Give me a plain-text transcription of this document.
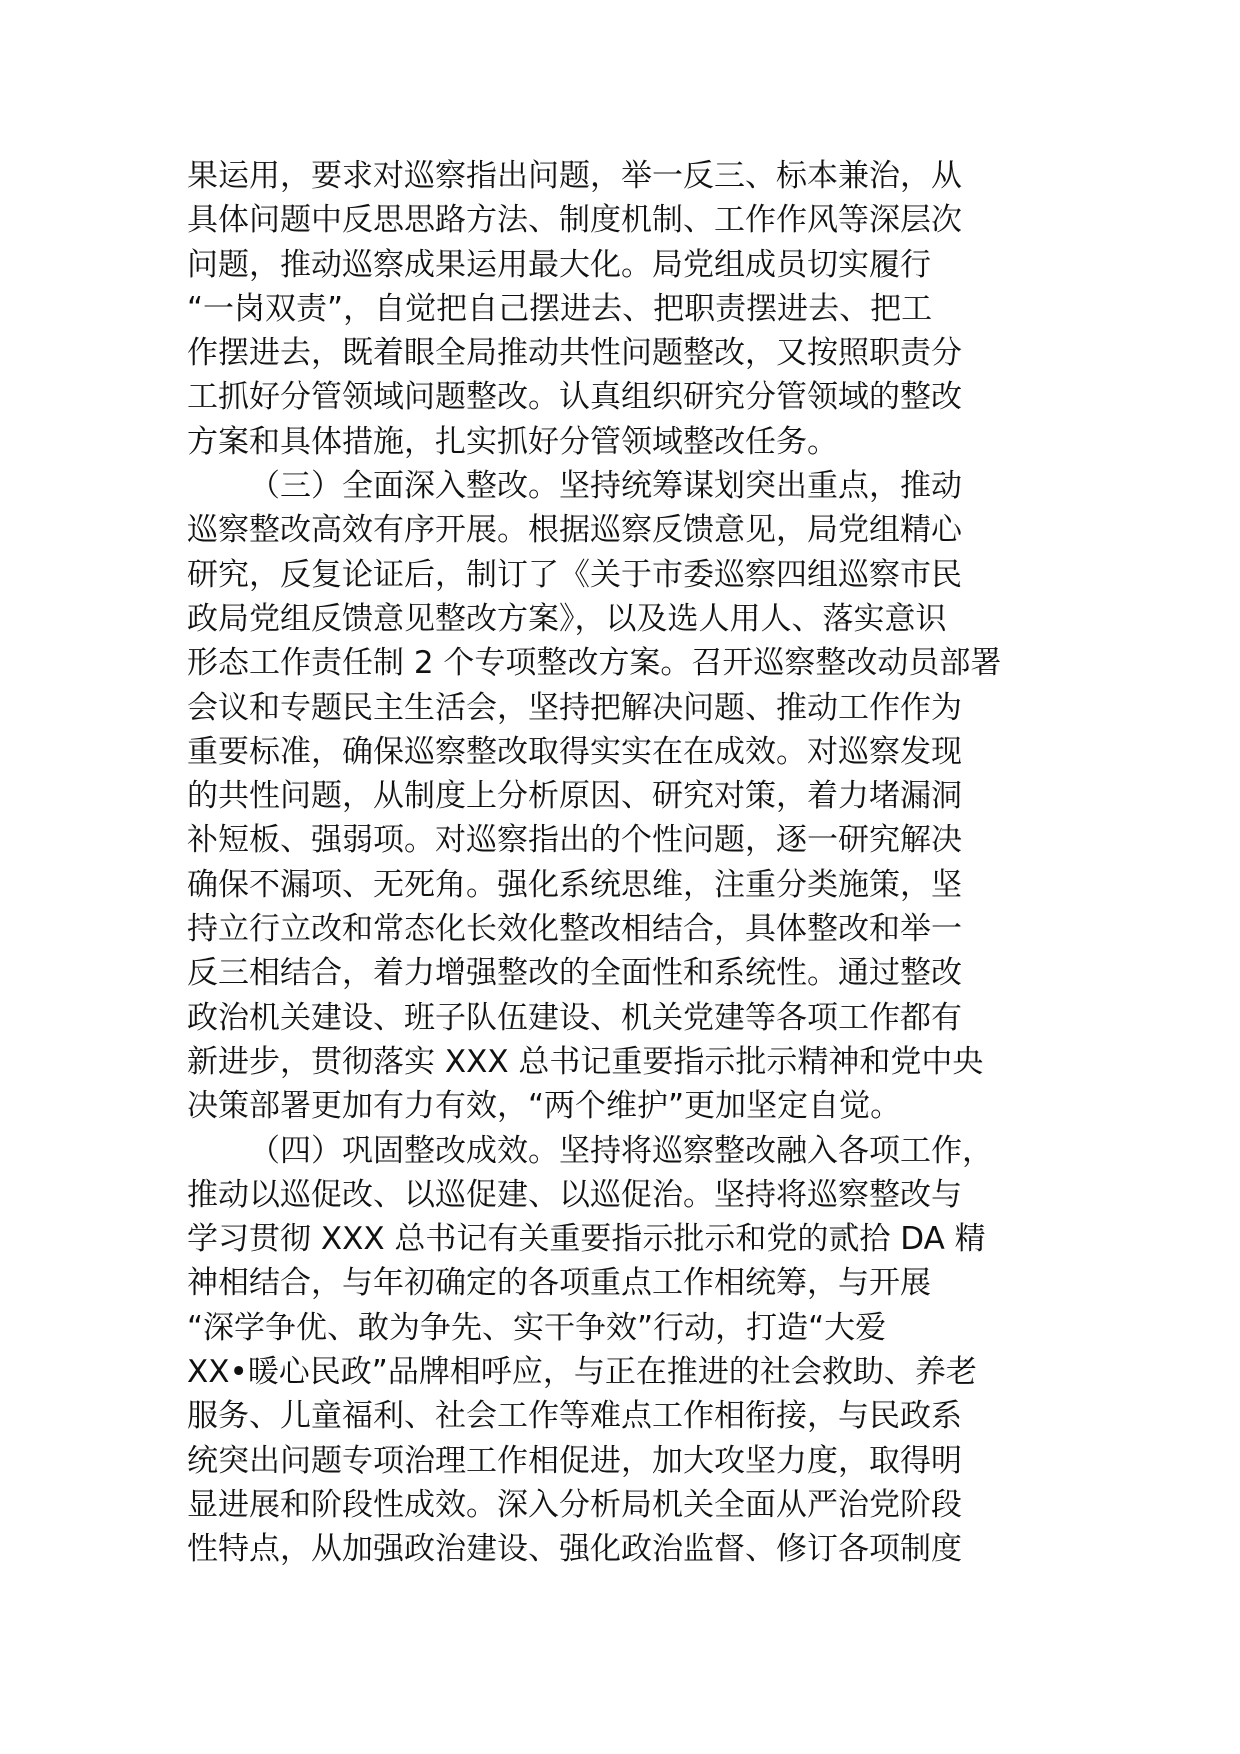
果运用，要求对巡察指出问题，举一反三、标本兼治，从
具体问题中反思思路方法、制度机制、工作作风等深层次
问题，推动巡察成果运用最大化。局党组成员切实履行
“一岗双责”，自觉把自己摆进去、把职责摆进去、把工
作摆进去，既着眼全局推动共性问题整改，又按照职责分
工抓好分管领域问题整改。认真组织研究分管领域的整改
方案和具体措施，扎实抓好分管领域整改任务。
（三）全面深入整改。坚持统筹谋划突出重点，推动
巡察整改高效有序开展。根据巡察反馈意见，局党组精心
研究，反复论证后，制订了《关于市委巡察四组巡察市民
政局党组反馈意见整改方案》，以及选人用人、落实意识
形态工作责任制 2 个专项整改方案。召开巡察整改动员部署
会议和专题民主生活会，坚持把解决问题、推动工作作为
重要标准，确保巡察整改取得实实在在成效。对巡察发现
的共性问题，从制度上分析原因、研究对策，着力堵漏洞
补短板、强弱项。对巡察指出的个性问题，逐一研究解决
确保不漏项、无死角。强化系统思维，注重分类施策，坚
持立行立改和常态化长效化整改相结合，具体整改和举一
反三相结合，着力增强整改的全面性和系统性。通过整改
政治机关建设、班子队伍建设、机关党建等各项工作都有
新进步，贯彻落实 XXX 总书记重要指示批示精神和党中央
决策部署更加有力有效，“两个维护”更加坚定自觉。
（四）巩固整改成效。坚持将巡察整改融入各项工作，
推动以巡促改、以巡促建、以巡促治。坚持将巡察整改与
学习贯彻 XXX 总书记有关重要指示批示和党的贰拾 DA 精
神相结合，与年初确定的各项重点工作相统筹，与开展
“深学争优、敢为争先、实干争效”行动，打造“大爱
XX•暖心民政”品牌相呼应，与正在推进的社会救助、养老
服务、儿童福利、社会工作等难点工作相衔接，与民政系
统突出问题专项治理工作相促进，加大攻坚力度，取得明
显进展和阶段性成效。深入分析局机关全面从严治党阶段
性特点，从加强政治建设、强化政治监督、修订各项制度
